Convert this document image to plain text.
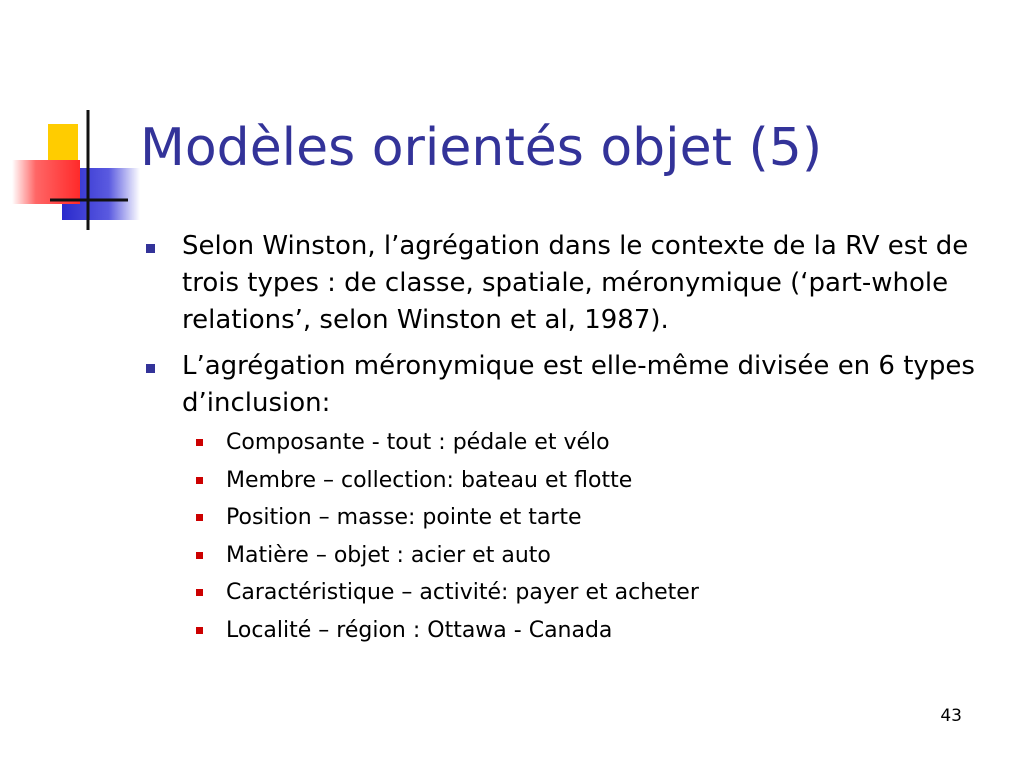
Modèles orientés objet (5)
Selon Winston, l’agrégation dans le contexte de la RV est de trois types : de classe, spatiale, méronymique (‘part-whole relations’, selon Winston et al, 1987).
L’agrégation méronymique est elle-même divisée en 6 types d’inclusion:
Composante - tout : pédale et vélo
Membre – collection: bateau et flotte
Position – masse: pointe et tarte
Matière – objet : acier et auto
Caractéristique – activité: payer et acheter
Localité – région : Ottawa - Canada
43
